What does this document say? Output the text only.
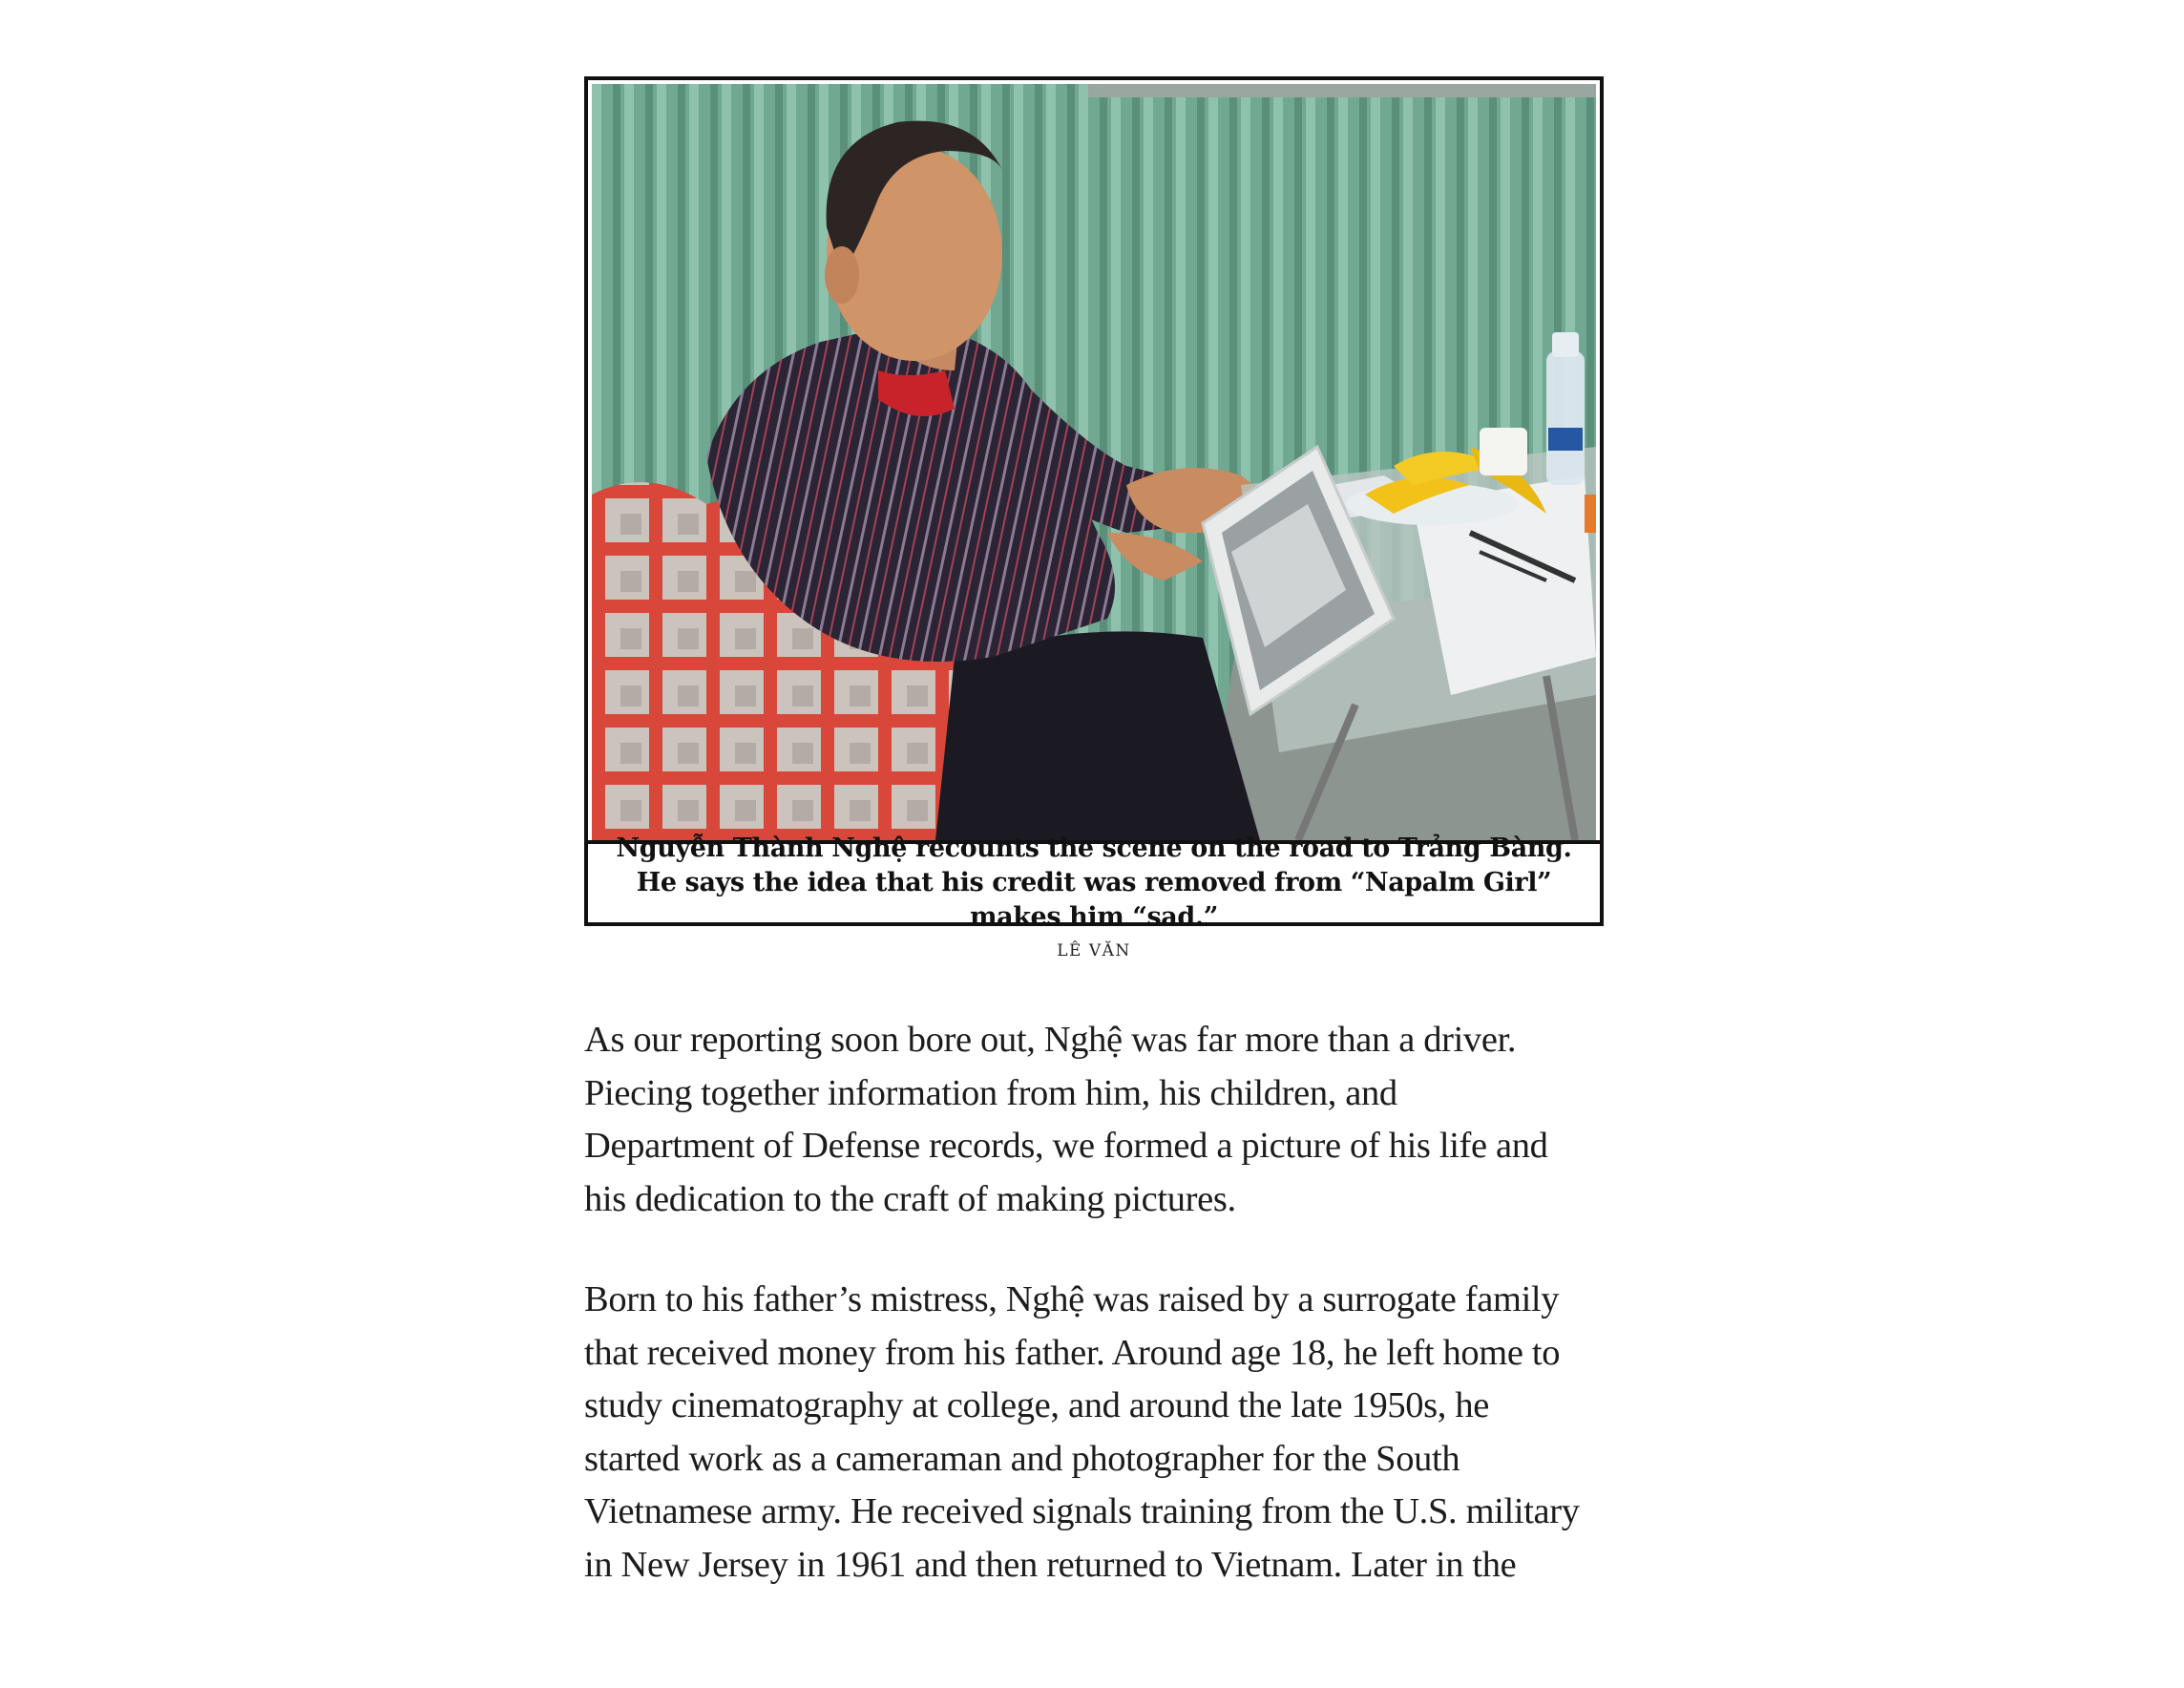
Nguyễn Thành Nghệ recounts the scene on the road to Trảng Bàng. He says the idea that his credit was removed from “Napalm Girl” makes him “sad.”
LÊ VĂN

As our reporting soon bore out, Nghệ was far more than a driver.
Piecing together information from him, his children, and
Department of Defense records, we formed a picture of his life and
his dedication to the craft of making pictures.

Born to his father’s mistress, Nghệ was raised by a surrogate family
that received money from his father. Around age 18, he left home to
study cinematography at college, and around the late 1950s, he
started work as a cameraman and photographer for the South
Vietnamese army. He received signals training from the U.S. military
in New Jersey in 1961 and then returned to Vietnam. Later in the
